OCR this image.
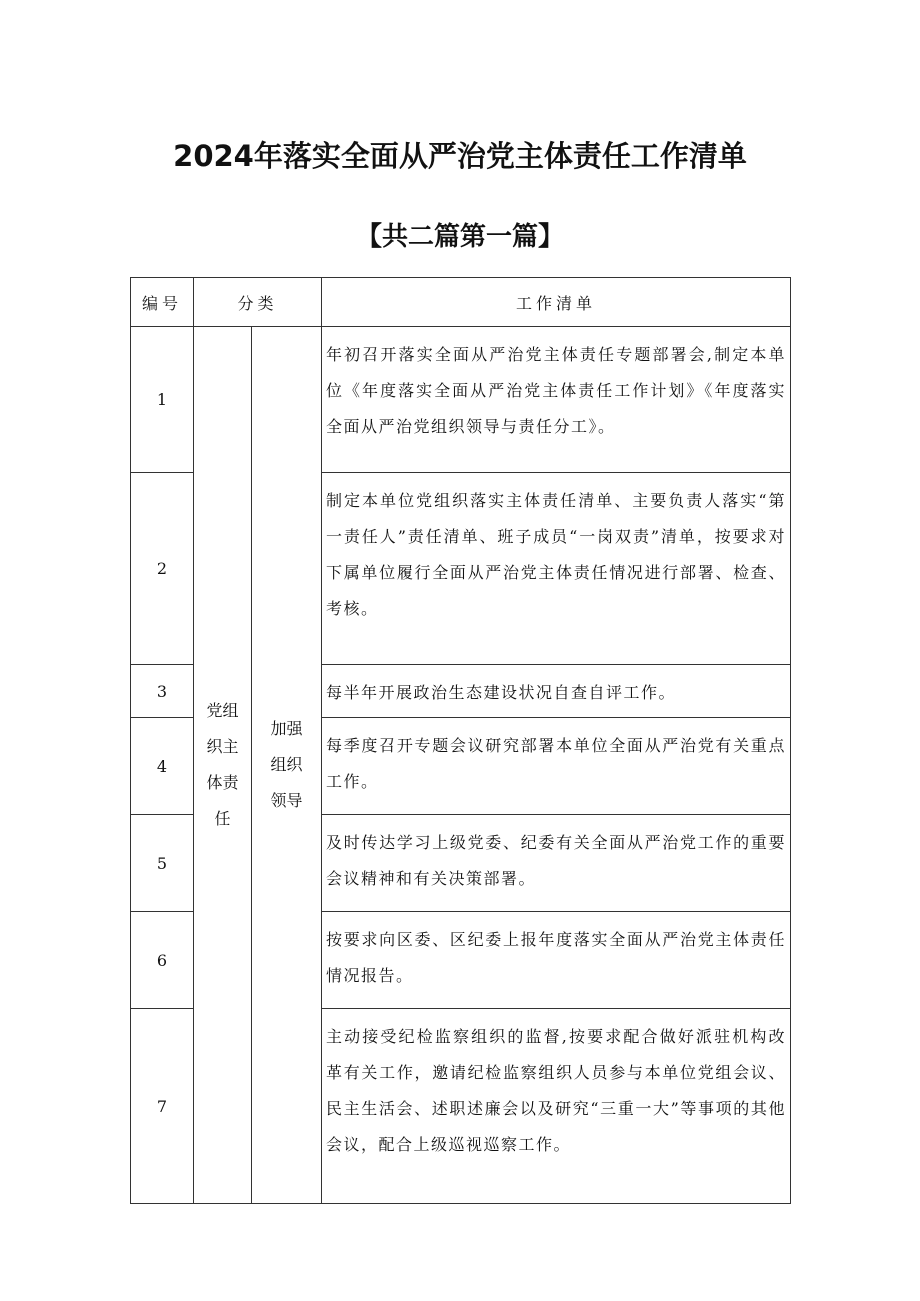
2024年落实全面从严治党主体责任工作清单
【共二篇第一篇】
编号	分类		工作清单
1	党组织主体责任	加强组织领导	年初召开落实全面从严治党主体责任专题部署会,制定本单位《年度落实全面从严治党主体责任工作计划》《年度落实全面从严治党组织领导与责任分工》。
2			制定本单位党组织落实主体责任清单、主要负责人落实“第一责任人”责任清单、班子成员“一岗双责”清单，按要求对下属单位履行全面从严治党主体责任情况进行部署、检查、考核。
3			每半年开展政治生态建设状况自查自评工作。
4			每季度召开专题会议研究部署本单位全面从严治党有关重点工作。
5			及时传达学习上级党委、纪委有关全面从严治党工作的重要会议精神和有关决策部署。
6			按要求向区委、区纪委上报年度落实全面从严治党主体责任情况报告。
7			主动接受纪检监察组织的监督,按要求配合做好派驻机构改革有关工作，邀请纪检监察组织人员参与本单位党组会议、民主生活会、述职述廉会以及研究“三重一大”等事项的其他会议，配合上级巡视巡察工作。
